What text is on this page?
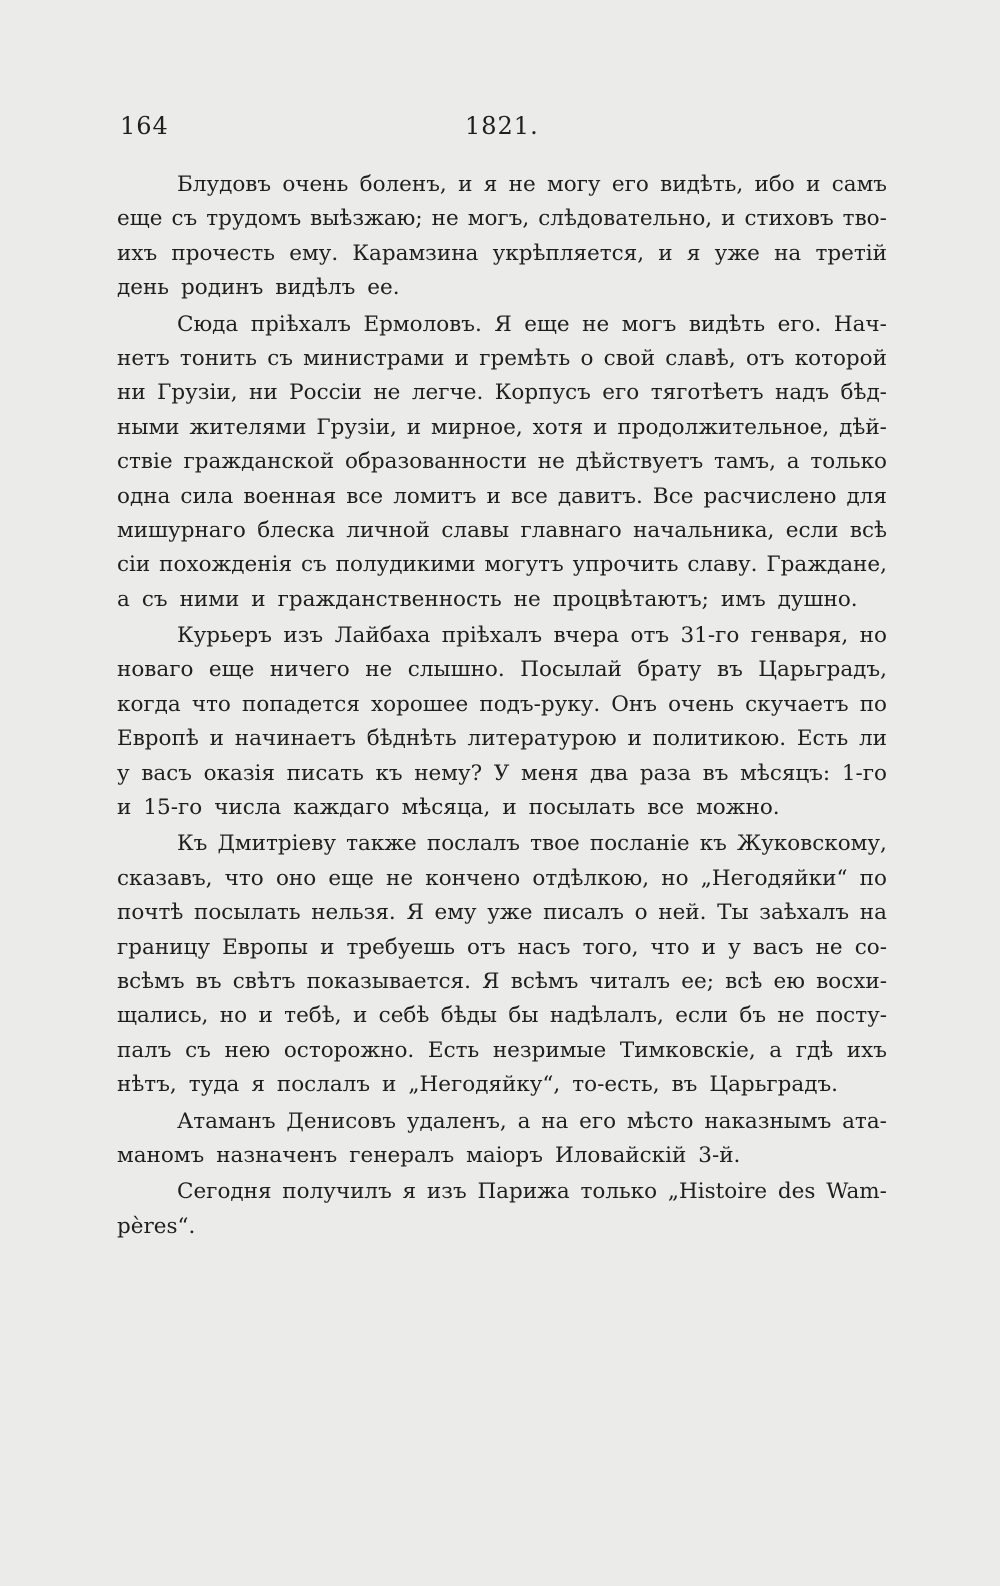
164	1821.
Блудовъ очень боленъ, и я не могу его видѣть, ибо и самъ
еще съ трудомъ выѣзжаю; не могъ, слѣдовательно, и стиховъ тво-
ихъ прочесть ему. Карамзина укрѣпляется, и я уже на третій
день родинъ видѣлъ ее.
Сюда пріѣхалъ Ермоловъ. Я еще не могъ видѣть его. Нач-
нетъ тонить съ министрами и гремѣть о свой славѣ, отъ которой
ни Грузіи, ни Россіи не легче. Корпусъ его тяготѣетъ надъ бѣд-
ными жителями Грузіи, и мирное, хотя и продолжительное, дѣй-
ствіе гражданской образованности не дѣйствуетъ тамъ, а только
одна сила военная все ломитъ и все давитъ. Все расчислено для
мишурнаго блеска личной славы главнаго начальника, если всѣ
сіи похожденія съ полудикими могутъ упрочить славу. Граждане,
а съ ними и гражданственность не процвѣтаютъ; имъ душно.
Курьеръ изъ Лайбаха пріѣхалъ вчера отъ 31-го генваря, но
новаго еще ничего не слышно. Посылай брату въ Царьградъ,
когда что попадется хорошее подъ-руку. Онъ очень скучаетъ по
Европѣ и начинаетъ бѣднѣть литературою и политикою. Есть ли
у васъ оказія писать къ нему? У меня два раза въ мѣсяцъ: 1-го
и 15-го числа каждаго мѣсяца, и посылать все можно.
Къ Дмитріеву также послалъ твое посланіе къ Жуковскому,
сказавъ, что оно еще не кончено отдѣлкою, но „Негодяйки“ по
почтѣ посылать нельзя. Я ему уже писалъ о ней. Ты заѣхалъ на
границу Европы и требуешь отъ насъ того, что и у васъ не со-
всѣмъ въ свѣтъ показывается. Я всѣмъ читалъ ее; всѣ ею восхи-
щались, но и тебѣ, и себѣ бѣды бы надѣлалъ, если бъ не посту-
палъ съ нею осторожно. Есть незримые Тимковскіе, а гдѣ ихъ
нѣтъ, туда я послалъ и „Негодяйку“, то-есть, въ Царьградъ.
Атаманъ Денисовъ удаленъ, а на его мѣсто наказнымъ ата-
маномъ назначенъ генералъ маіоръ Иловайскій 3-й.
Сегодня получилъ я изъ Парижа только „Histoire des Wam-
pères“.
